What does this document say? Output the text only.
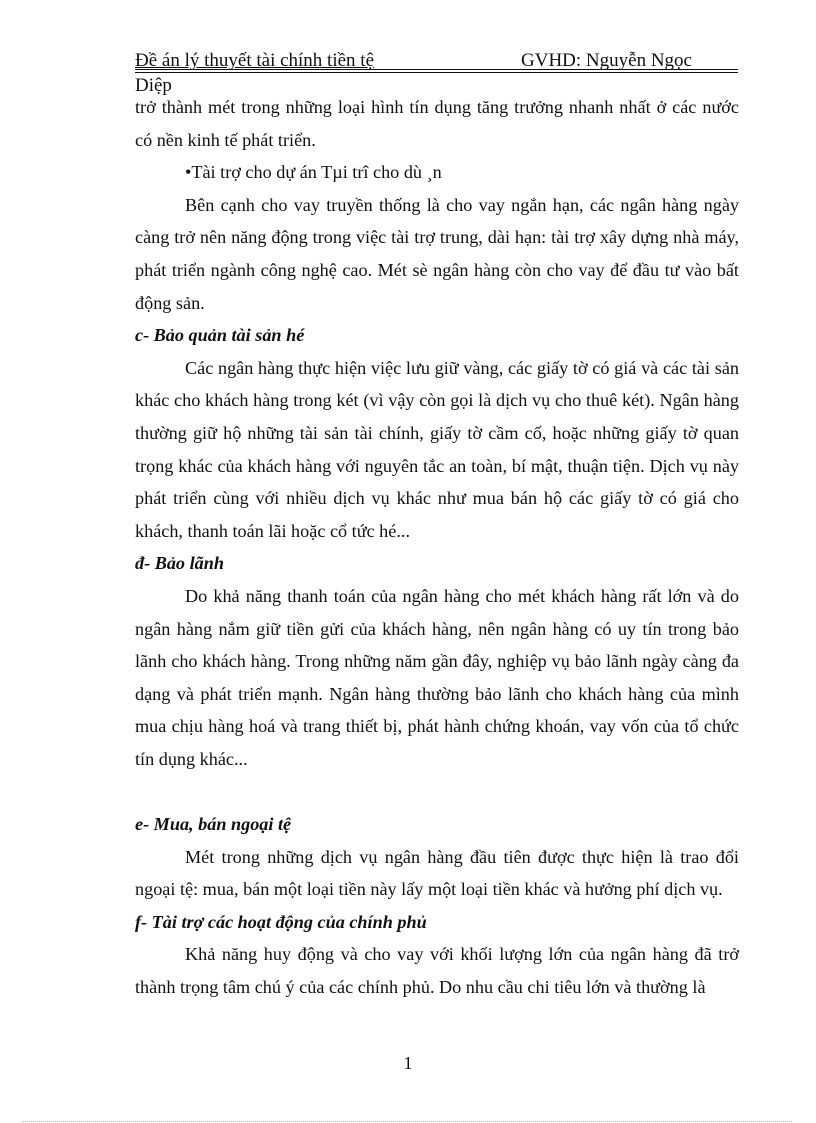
Đề án lý thuyết tài chính tiền tệ	GVHD: Nguyễn Ngọc
Diệp

trở thành mét trong những loại hình tín dụng tăng trưởng nhanh nhất ở các nước có nền kinh tế phát triển.

•Tài trợ cho dự án Tµi trî cho dù ¸n

Bên cạnh cho vay truyền thống là cho vay ngắn hạn, các ngân hàng ngày càng trở nên năng động trong việc tài trợ trung, dài hạn: tài trợ xây dựng nhà máy, phát triển ngành công nghệ cao. Mét sè ngân hàng còn cho vay để đầu tư vào bất động sản.

c- Bảo quản tài sản hé

Các ngân hàng thực hiện việc lưu giữ vàng, các giấy tờ có giá và các tài sản khác cho khách hàng trong két (vì vậy còn gọi là dịch vụ cho thuê két). Ngân hàng thường giữ hộ những tài sản tài chính, giấy tờ cầm cố, hoặc những giấy tờ quan trọng khác của khách hàng với nguyên tắc an toàn, bí mật, thuận tiện. Dịch vụ này phát triển cùng với nhiều dịch vụ khác như mua bán hộ các giấy tờ có giá cho khách, thanh toán lãi hoặc cổ tức hé...

đ- Bảo lãnh

Do khả năng thanh toán của ngân hàng cho mét khách hàng rất lớn và do ngân hàng nắm giữ tiền gửi của khách hàng, nên ngân hàng có uy tín trong bảo lãnh cho khách hàng. Trong những năm gần đây, nghiệp vụ bảo lãnh ngày càng đa dạng và phát triển mạnh. Ngân hàng thường bảo lãnh cho khách hàng của mình mua chịu hàng hoá và trang thiết bị, phát hành chứng khoán, vay vốn của tổ chức tín dụng khác...

e- Mua, bán ngoại tệ

Mét trong những dịch vụ ngân hàng đầu tiên được thực hiện là trao đổi ngoại tệ: mua, bán một loại tiền này lấy một loại tiền khác và hưởng phí dịch vụ.

f- Tài trợ các hoạt động của chính phủ

Khả năng huy động và cho vay với khối lượng lớn của ngân hàng đã trở thành trọng tâm chú ý của các chính phủ. Do nhu cầu chi tiêu lớn và thường là

1
